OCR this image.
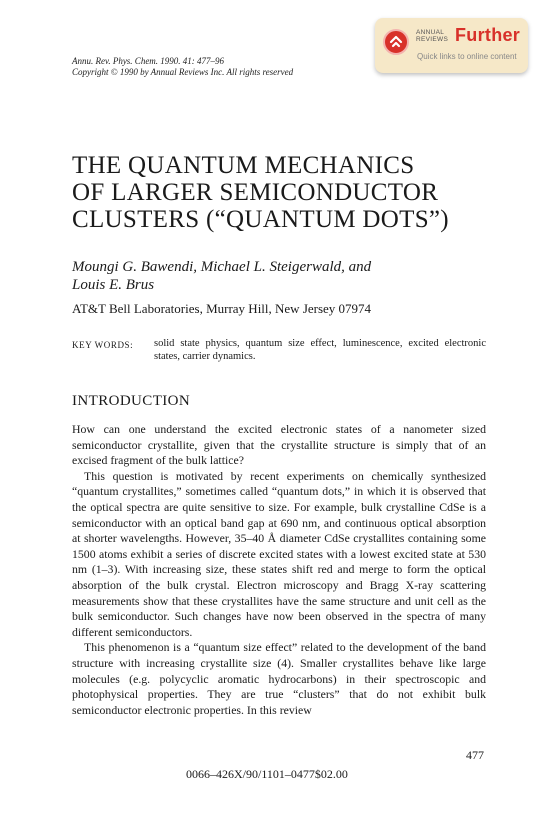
Annu. Rev. Phys. Chem. 1990. 41: 477–96
Copyright © 1990 by Annual Reviews Inc. All rights reserved
ANNUAL
REVIEWS Further
Quick links to online content
THE QUANTUM MECHANICS
OF LARGER SEMICONDUCTOR
CLUSTERS (“QUANTUM DOTS”)
Moungi G. Bawendi, Michael L. Steigerwald, and
Louis E. Brus
AT&T Bell Laboratories, Murray Hill, New Jersey 07974
KEY WORDS: solid state physics, quantum size effect, luminescence, excited electronic states, carrier dynamics.
INTRODUCTION

How can one understand the excited electronic states of a nanometer sized semiconductor crystallite, given that the crystallite structure is simply that of an excised fragment of the bulk lattice?

This question is motivated by recent experiments on chemically synthesized “quantum crystallites,” sometimes called “quantum dots,” in which it is observed that the optical spectra are quite sensitive to size. For example, bulk crystalline CdSe is a semiconductor with an optical band gap at 690 nm, and continuous optical absorption at shorter wavelengths. However, 35–40 Å diameter CdSe crystallites containing some 1500 atoms exhibit a series of discrete excited states with a lowest excited state at 530 nm (1–3). With increasing size, these states shift red and merge to form the optical absorption of the bulk crystal. Electron microscopy and Bragg X-ray scattering measurements show that these crystallites have the same structure and unit cell as the bulk semiconductor. Such changes have now been observed in the spectra of many different semiconductors.

This phenomenon is a “quantum size effect” related to the development of the band structure with increasing crystallite size (4). Smaller crystallites behave like large molecules (e.g. polycyclic aromatic hydrocarbons) in their spectroscopic and photophysical properties. They are true “clusters” that do not exhibit bulk semiconductor electronic properties. In this review

477
0066–426X/90/1101–0477$02.00
